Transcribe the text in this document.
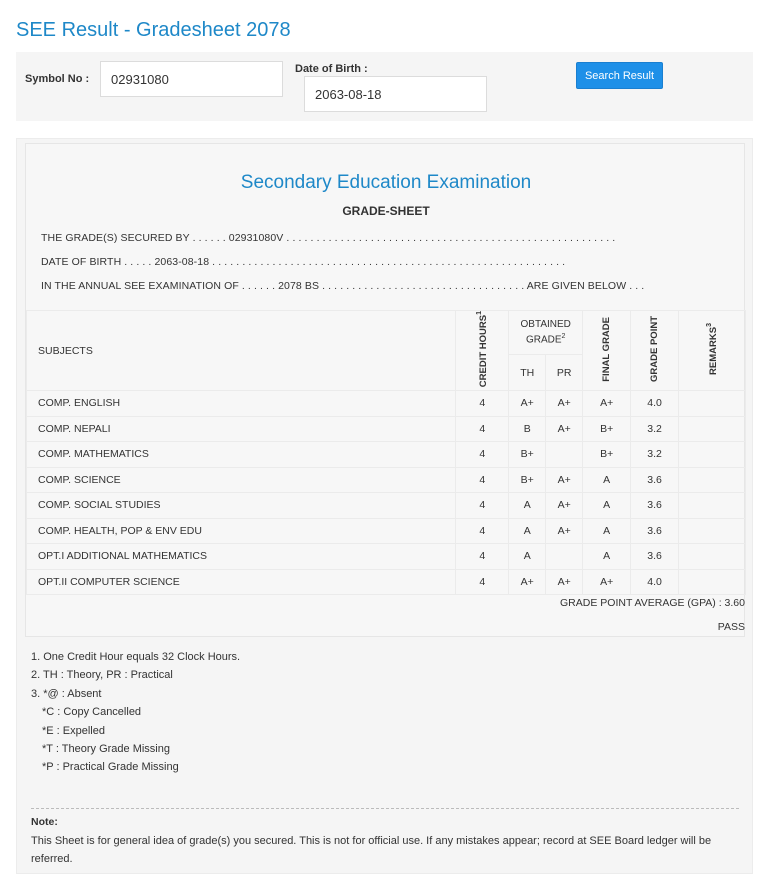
SEE Result - Gradesheet 2078
Symbol No :
02931080
Date of Birth :
2063-08-18
Search Result
Secondary Education Examination
GRADE-SHEET
THE GRADE(S) SECURED BY . . . . . . 02931080V . . . . . . . . . . . . . . . . . . . . . . . . . . . . . . . . . . . . . . . . . . . . . . . . . . . . . . .
DATE OF BIRTH . . . . . 2063-08-18 . . . . . . . . . . . . . . . . . . . . . . . . . . . . . . . . . . . . . . . . . . . . . . . . . . . . . . . . . . .
IN THE ANNUAL SEE EXAMINATION OF . . . . . . 2078 BS . . . . . . . . . . . . . . . . . . . . . . . . . . . . . . . . . . ARE GIVEN BELOW . . .
SUBJECTS	CREDIT HOURS$^1$	OBTAINED GRADE$^2$		FINAL GRADE	GRADE POINT	REMARKS$^3$
		TH	PR			
COMP. ENGLISH	4	A+	A+	A+	4.0	
COMP. NEPALI	4	B	A+	B+	3.2	
COMP. MATHEMATICS	4	B+		B+	3.2	
COMP. SCIENCE	4	B+	A+	A	3.6	
COMP. SOCIAL STUDIES	4	A	A+	A	3.6	
COMP. HEALTH, POP & ENV EDU	4	A	A+	A	3.6	
OPT.I ADDITIONAL MATHEMATICS	4	A		A	3.6	
OPT.II COMPUTER SCIENCE	4	A+	A+	A+	4.0	
GRADE POINT AVERAGE (GPA) : 3.60
PASS
1. One Credit Hour equals 32 Clock Hours.
2. TH : Theory, PR : Practical
3. *@ : Absent
*C : Copy Cancelled
*E : Expelled
*T : Theory Grade Missing
*P : Practical Grade Missing
Note:
This Sheet is for general idea of grade(s) you secured. This is not for official use. If any mistakes appear; record at SEE Board ledger will be referred.
